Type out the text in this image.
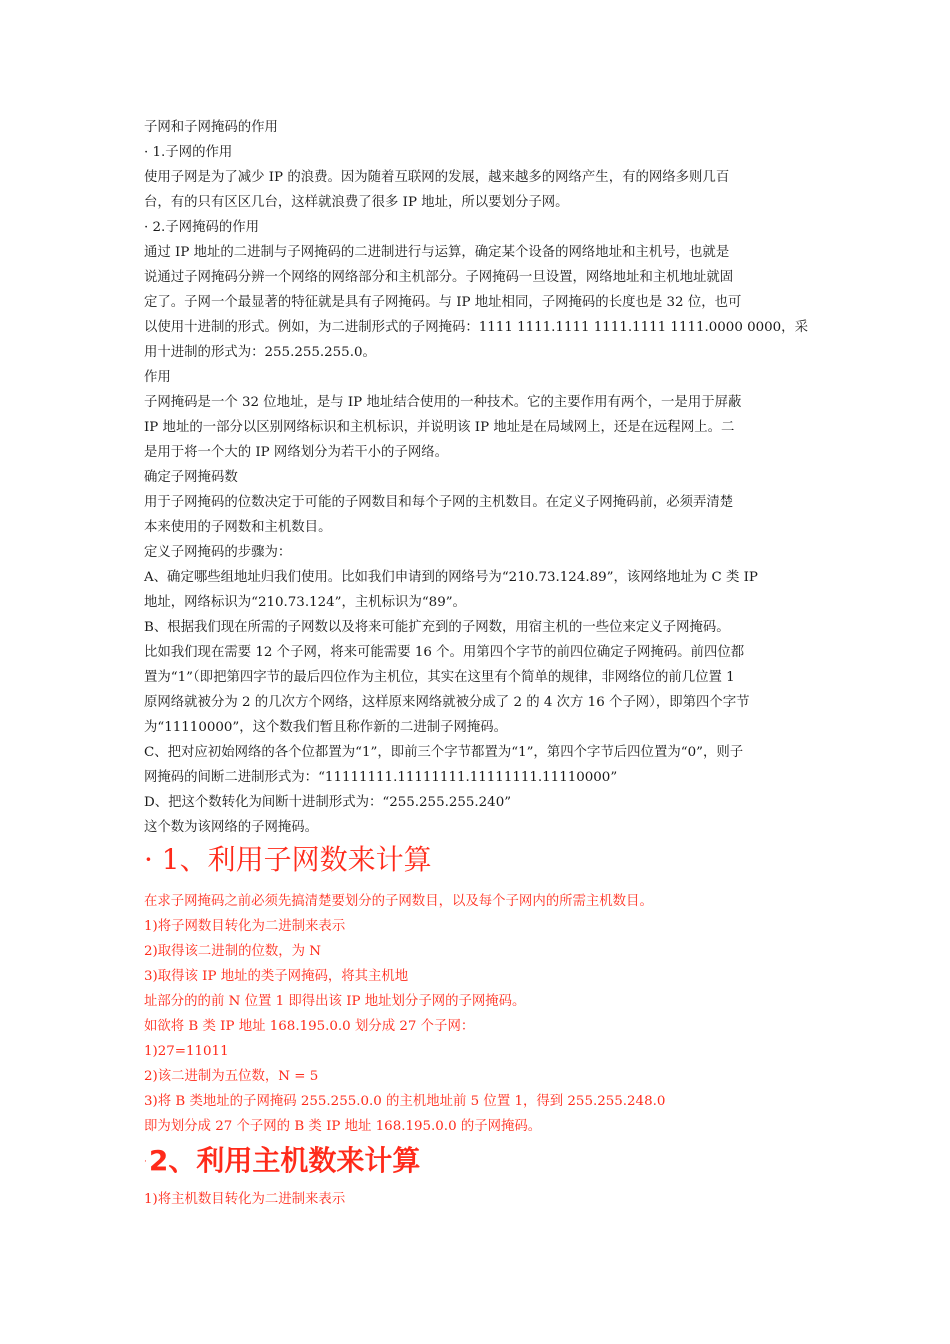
子网和子网掩码的作用
· 1.子网的作用
使用子网是为了减少 IP 的浪费。因为随着互联网的发展，越来越多的网络产生，有的网络多则几百
台，有的只有区区几台，这样就浪费了很多 IP 地址，所以要划分子网。
· 2.子网掩码的作用
通过 IP 地址的二进制与子网掩码的二进制进行与运算，确定某个设备的网络地址和主机号，也就是
说通过子网掩码分辨一个网络的网络部分和主机部分。子网掩码一旦设置，网络地址和主机地址就固
定了。子网一个最显著的特征就是具有子网掩码。与 IP 地址相同，子网掩码的长度也是 32 位，也可
以使用十进制的形式。例如，为二进制形式的子网掩码：1111 1111.1111 1111.1111 1111.0000 0000，采
用十进制的形式为：255.255.255.0。
作用
子网掩码是一个 32 位地址，是与 IP 地址结合使用的一种技术。它的主要作用有两个，一是用于屏蔽
IP 地址的一部分以区别网络标识和主机标识，并说明该 IP 地址是在局域网上，还是在远程网上。二
是用于将一个大的 IP 网络划分为若干小的子网络。
确定子网掩码数
用于子网掩码的位数决定于可能的子网数目和每个子网的主机数目。在定义子网掩码前，必须弄清楚
本来使用的子网数和主机数目。
定义子网掩码的步骤为：
A、确定哪些组地址归我们使用。比如我们申请到的网络号为“210.73.124.89”，该网络地址为 C 类 IP
地址，网络标识为“210.73.124”，主机标识为“89”。
B、根据我们现在所需的子网数以及将来可能扩充到的子网数，用宿主机的一些位来定义子网掩码。
比如我们现在需要 12 个子网，将来可能需要 16 个。用第四个字节的前四位确定子网掩码。前四位都
置为“1”（即把第四字节的最后四位作为主机位，其实在这里有个简单的规律，非网络位的前几位置 1
原网络就被分为 2 的几次方个网络，这样原来网络就被分成了 2 的 4 次方 16 个子网），即第四个字节
为“11110000”，这个数我们暂且称作新的二进制子网掩码。
C、把对应初始网络的各个位都置为“1”，即前三个字节都置为“1”，第四个字节后四位置为“0”，则子
网掩码的间断二进制形式为：“11111111.11111111.11111111.11110000”
D、把这个数转化为间断十进制形式为：“255.255.255.240”
这个数为该网络的子网掩码。
· 1、利用子网数来计算
在求子网掩码之前必须先搞清楚要划分的子网数目，以及每个子网内的所需主机数目。
1)将子网数目转化为二进制来表示
2)取得该二进制的位数，为 N
3)取得该 IP 地址的类子网掩码，将其主机地
址部分的的前 N 位置 1 即得出该 IP 地址划分子网的子网掩码。
如欲将 B 类 IP 地址 168.195.0.0 划分成 27 个子网：
1)27=11011
2)该二进制为五位数，N = 5
3)将 B 类地址的子网掩码 255.255.0.0 的主机地址前 5 位置 1，得到 255.255.248.0
即为划分成 27 个子网的 B 类 IP 地址 168.195.0.0 的子网掩码。
·2、利用主机数来计算
1)将主机数目转化为二进制来表示
